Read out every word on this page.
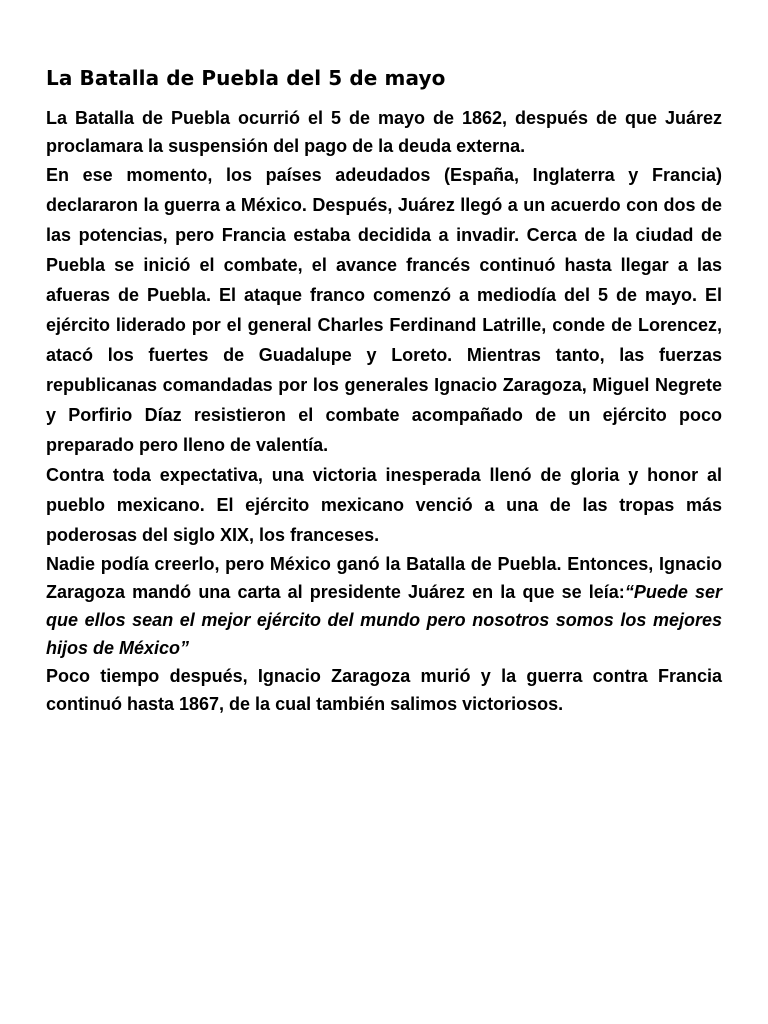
La Batalla de Puebla del 5 de mayo

La Batalla de Puebla ocurrió el 5 de mayo de 1862, después de que Juárez proclamara la suspensión del pago de la deuda externa.

En ese momento, los países adeudados (España, Inglaterra y Francia) declararon la guerra a México. Después, Juárez llegó a un acuerdo con dos de las potencias, pero Francia estaba decidida a invadir. Cerca de la ciudad de Puebla se inició el combate, el avance francés continuó hasta llegar a las afueras de Puebla. El ataque franco comenzó a mediodía del 5 de mayo. El ejército liderado por el general Charles Ferdinand Latrille, conde de Lorencez, atacó los fuertes de Guadalupe y Loreto. Mientras tanto, las fuerzas republicanas comandadas por los generales Ignacio Zaragoza, Miguel Negrete y Porfirio Díaz resistieron el combate acompañado de un ejército poco preparado pero lleno de valentía.

Contra toda expectativa, una victoria inesperada llenó de gloria y honor al pueblo mexicano. El ejército mexicano venció a una de las tropas más poderosas del siglo XIX, los franceses.

Nadie podía creerlo, pero México ganó la Batalla de Puebla. Entonces, Ignacio Zaragoza mandó una carta al presidente Juárez en la que se leía:“Puede ser que ellos sean el mejor ejército del mundo pero nosotros somos los mejores hijos de México”

Poco tiempo después, Ignacio Zaragoza murió y la guerra contra Francia continuó hasta 1867, de la cual también salimos victoriosos.
